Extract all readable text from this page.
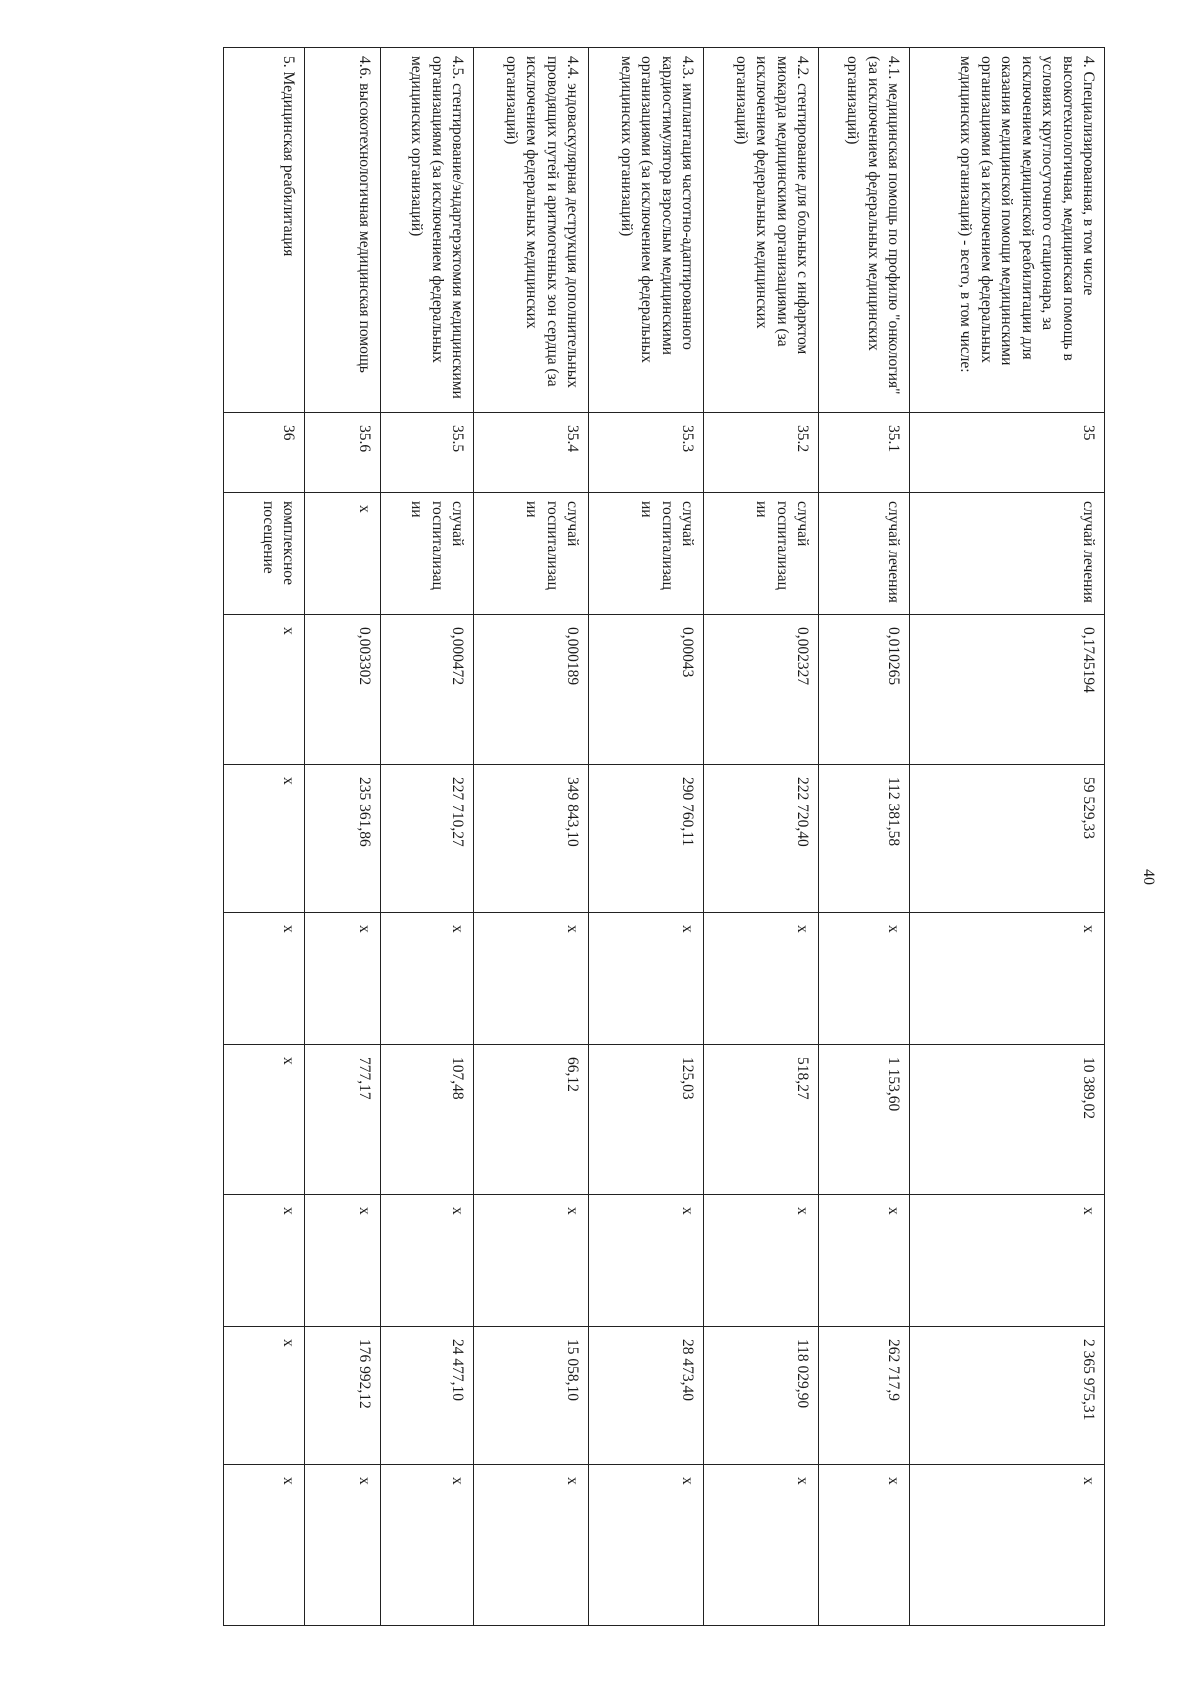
4. Специализированная, в том числе высокотехнологичная, медицинская помощь в условиях круглосуточного стационара, за исключением медицинской реабилитации для оказания медицинской помощи медицинскими организациями (за исключением федеральных медицинских организаций) - всего, в том числе:	35	случай лечения	0,1745194	59 529,33	x	10 389,02	x	2 365 975,31	x
4.1. медицинская помощь по профилю "онкология" (за исключением федеральных медицинских организаций)	35.1	случай лечения	0,010265	112 381,58	x	1 153,60	x	262 717,9	x
4.2. стентирование для больных с инфарктом миокарда медицинскими организациями (за исключением федеральных медицинских организаций)	35.2	случай госпитализац ии	0,002327	222 720,40	x	518,27	x	118 029,90	x
4.3. имплантация частотно-адаптированного кардиостимулятора взрослым медицинскими организациями (за исключением федеральных медицинских организаций)	35.3	случай госпитализац ии	0,00043	290 760,11	x	125,03	x	28 473,40	x
4.4. эндоваскулярная деструкция дополнительных проводящих путей и аритмогенных зон сердца (за исключением федеральных медицинских организаций)	35.4	случай госпитализац ии	0,000189	349 843,10	x	66,12	x	15 058,10	x
4.5. стентирование/эндартерэктомия медицинскими организациями (за исключением федеральных медицинских организаций)	35.5	случай госпитализац ии	0,000472	227 710,27	x	107,48	x	24 477,10	x
4.6. высокотехнологичная медицинская помощь	35.6	x	0,003302	235 361,86	x	777,17	x	176 992,12	x
5. Медицинская реабилитация	36	комплексное посещение	x	x	x	x	x	x	x
40
